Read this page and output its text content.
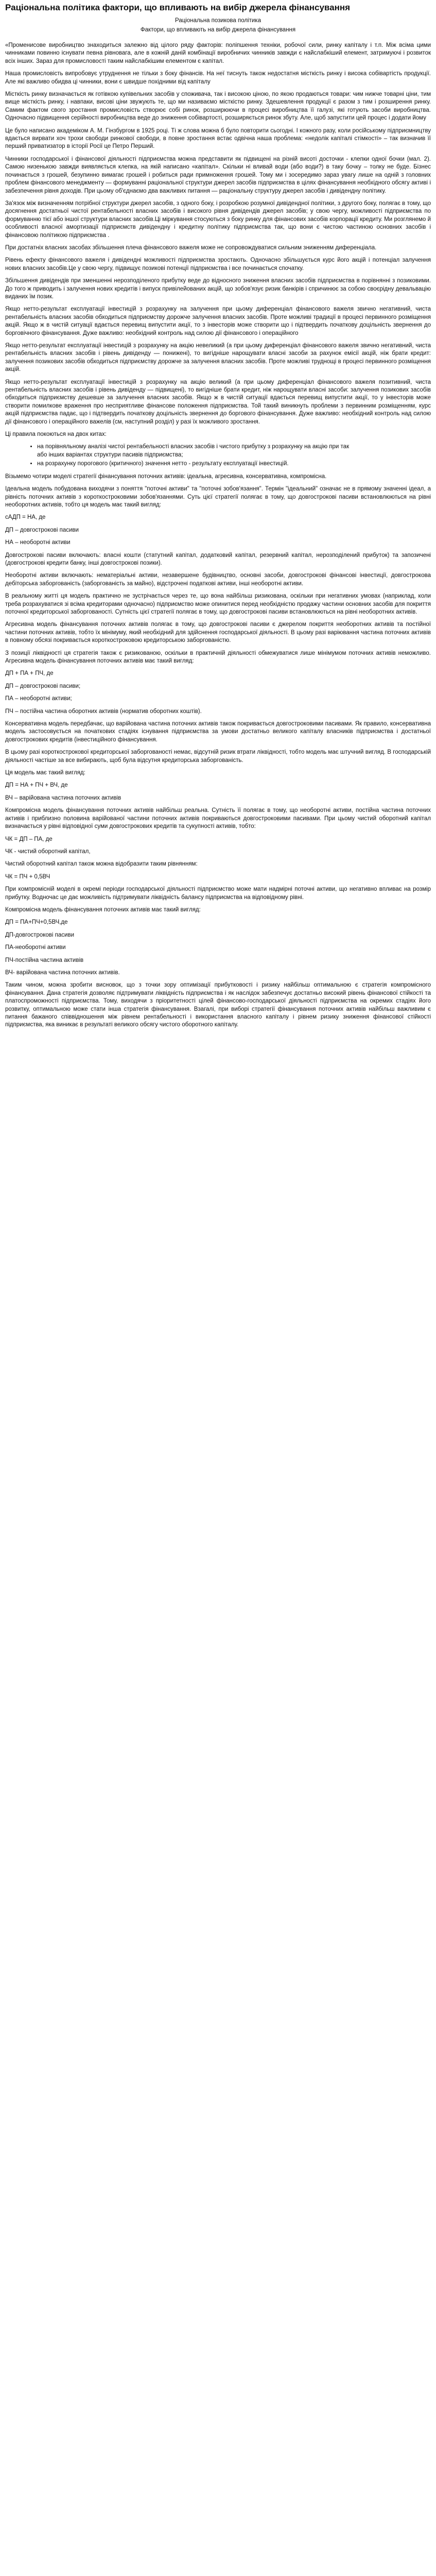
Раціональна політика фактори, що впливають на вибір джерела фінансування

Раціональна позикова політика

Фактори, що впливають на вибір джерела фінансування

«Променисове виробництво знаходиться залежно від цілого ряду факторів: поліпшення техніки, робочої сили, ринку капіталу і т.п. Між всіма цими чинниками повинно існувати певна рівновага, але в кожній даній комбінації виробничих чинників завжди є найслабкіший елемент, затримуючі і розвиток всіх інших. Зараз для промисловості таким найслабкішим елементом є капітал.

Наша промисловість випробовує утруднення не тільки з боку фінансів. На неї тиснуть також недостатня місткість ринку і висока собівартість продукції. Але які важливо обидва ці чинники, вони є швидше похідними від капіталу

Місткість ринку визначається як готівкою купівельних засобів у споживача, так і високою ціною, по якою продаються товари: чим нижче товарні ціни, тим вище місткість ринку, і навпаки, висові ціни звужують те, що ми називаємо місткістю ринку. Здешевлення продукції є разом з тим і розширення ринку. Самим фактом свого зростання промисловість створює собі ринок, розширюючи в процесі виробництва її галузі, які готують засоби виробництва. Одночасно підвищення серійності виробництва веде до зниження собівартості, розширяється ринок збуту. Але, щоб запустити цей процес і додати йому

Це було написано академіком А. М. Гінзбургом в 1925 році. Ті ж слова можна б було повторити сьогодні. І кожного разу, коли російському підприємництву вдається вирвати хоч трохи свободи ринкової свободи, в повне зростання встає одвічна наша проблема: «недолік капіталі стімкості» – так визначив її перший приватизатор в історії Росії це Петро Перший.

Чинники господарської і фінансової діяльності підприємства можна представити як підвищені на різній висоті досточки - клепки одної бочки (мал. 2). Самою низенькою завжди виявляється клепка, на якій написано «капітал». Скільки ні вливай води (або води?) в таку бочку – толку не буде. Бізнес починається з грошей, безупинно вимагає грошей і робиться ради примноження грошей. Тому ми і зосередимо зараз увагу лише на одній з головних проблем фінансового менеджменту — формуванні раціональної структури джерел засобів підприємства в цілях фінансування необхідного обсягу активі і забезпечення рівня доходів. При цьому об'єднаємо два важливих питання — раціональну структуру джерел засобів і дивідендну політику.

За'язок між визначенням потрібної структури джерел засобів, з одного боку, і розробкою розумної дивідендної політики, з другого боку, полягає в тому, що досягнення достатньої чистої рентабельності власних засобів і високого рівня дивідендів джерел засобів; у свою чергу, можливості підприємства по формуванню тієї або іншої структури власних засобів.Ці міркування стосуються з боку ринку для фінансових засобів корпорації кредиту. Ми розглянемо й особливості власної амортизації підприємств дивідендну і кредитну політику підприємства так, що вони є чистою частиною основних засобів і фінансовою політикою підприємства .

При достатніх власних засобах збільшення плеча фінансового важеля може не сопровождуватися сильним зниженням диференціала.

Рівень ефекту фінансового важеля і дивідендні можливості підприємства зростають. Одночасно збільшується курс його акцій і потенціал залучення нових власних засобів.Це у свою чергу, підвищує позикові потенції підприємства і все починається спочатку.

Збільшення дивідендів при зменшенні нерозподіленого прибутку веде до відносного зниження власних засобів підприємства в порівнянні з позиковими. До того ж приводить і залучення нових кредитів і випуск привілейованих акцій, що зобов'язує ризик банкірів і спричинює за собою своєрідну девальвацію виданих їм позик.

Якщо нетто-результат експлуатації інвестицій з розрахунку на залучення при цьому диференціал фінансового важеля звично негативний, чиста рентабельність власних засобів обходиться підприємству дорожче залучення власних засобів. Проте можливі традиції в процесі первинного розміщення акцій. Якщо ж в чистій ситуації вдається перевищ випустити акції, то з інвесторів може створити що і підтвердить початкову доцільність звернення до борговічного фінансування. Дуже важливо: необхідний контроль над силою дії фінансового і операційного

Якщо нетто-результат експлуатації інвестицій з розрахунку на акцію невеликий (а при цьому диференціал фінансового важеля звично негативний, чиста рентабельність власних засобів і рівень дивіденду — понижені), то вигідніше нарощувати власні засоби за рахунок емісії акцій, ніж брати кредит: залучення позикових засобів обходиться підприємству дорожче за залучення власних засобів. Проте можливі труднощі в процесі первинного розміщення акцій.

Якщо нетто-результат експлуатації інвестицій з розрахунку на акцію великий (а при цьому диференціал фінансового важеля позитивний, чиста рентабельність власних засобів і рівень дивіденду — підвищені), то вигідніше брати кредит, ніж нарощувати власні засоби: залучення позикових засобів обходиться підприємству дешевше за залучення власних засобів. Якщо ж в чистій ситуації вдається перевищ випустити акції, то у інвесторів може створити помилкове враження про несприятливе фінансове положення підприємства. Той такий виникнуть проблеми з первинним розміщенням, курс акцій підприємства падає, що і підтвердить початкову доцільність звернення до боргового фінансування. Дуже важливо: необхідний контроль над силою дії фінансового і операційного важелів (см, наступний розділ) у разі їх можливого зростання.

Ці правила покоються на двох китах:

• на порівняльному аналізі чистої рентабельності власних засобів і чистого прибутку з розрахунку на акцію при так
або інших варіантах структури пасивів підприємства;
• на розрахунку порогового (критичного) значення нетто - результату експлуатації інвестицій.

Візьмемо чотири моделі стратегії фінансування поточних активів: ідеальна, агресивна, консервативна, компромісна.

Ідеальна модель побудована виходячи з поняття "поточні активи" та "поточні зобов'язання". Термін "ідеальний" означає не в прямому значенні ідеал, а рівність поточних активів з короткостроковими зобов'язаннями. Суть цієї стратегії полягає в тому, що довгострокові пасиви встановлюються на рівні необоротних активів, тобто ця модель має такий вигляд:

сАДП = НА, де

ДП – довгострокові пасиви

НА – необоротні активи

Довгострокові пасиви включають: власні кошти (статутний капітал, додатковий капітал, резервний капітал, нерозподілений прибуток) та запозичені (довгострокові кредити банку, інші довгострокові позики).

Необоротні активи включають: нематеріальні активи, незавершене будівництво, основні засоби, довгострокові фінансові інвестиції, довгострокова дебіторська заборгованість (заборгованість за майно), відстрочені податкові активи, інші необоротні активи.

В реальному житті ця модель практично не зустрічається через те, що вона найбільш ризикована, оскільки при негативних умовах (наприклад, коли треба розрахуватися зі всіма кредиторами одночасно) підприємство може опинитися перед необхідністю продажу частини основних засобів для покриття поточної кредиторської заборгованості. Сутність цієї стратегії полягає в тому, що довгострокові пасиви встановлюються на рівні необоротних активів.

Агресивна модель фінансування поточних активів полягає в тому, що довгострокові пасиви є джерелом покриття необоротних активів та постійної частини поточних активів, тобто їх мінімуму, який необхідний для здійснення господарської діяльності. В цьому разі варіювання частина поточних активів в повному обсязі покривається короткостроковою кредиторською заборгованістю.

З позиції ліквідності ця стратегія також є ризикованою, оскільки в практичній діяльності обмежуватися лише мінімумом поточних активів неможливо. Агресивна модель фінансування поточних активів має такий вигляд:

ДП + ПА + ПЧ, де

ДП – довгострокові пасиви;

ПА – необоротні активи;

ПЧ – постійна частина оборотних активів (норматив оборотних коштів).

Консервативна модель передбачає, що варійована частина поточних активів також покривається довгостроковими пасивами. Як правило, консервативна модель застосовується на початкових стадіях існування підприємства за умови достатньо великого капіталу власників підприємства і достатньої довгострокових кредитів (інвестиційного фінансування.

В цьому разі короткострокової кредиторської заборгованості немає, відсутній ризик втрати ліквідності, тобто модель має штучний вигляд. В господарській діяльності частіше за все вибирають, щоб була відсутня кредиторська заборгованість.

Ця модель має такий вигляд:

ДП = НА + ПЧ + ВЧ, де

ВЧ – варійована частина поточних активів

Компромісна модель фінансування поточних активів найбільш реальна. Сутність її полягає в тому, що необоротні активи, постійна частина поточних активів і приблизно половина варійованої частини поточних активів покриваються довгостроковими пасивами. При цьому чистий оборотний капітал визначається у рівні відповідної суми довгострокових кредитів та сукупності активів, тобто:

ЧК = ДП – ПА, де

ЧК - чистий оборотний капітал,

Чистий оборотний капітал також можна відобразити таким рівнянням:

ЧК = ПЧ + 0,5ВЧ

При компромісній моделі в окремі періоди господарської діяльності підприємство може мати надмірні поточні активи, що негативно впливає на розмір прибутку. Водночас це дає можливість підтримувати ліквідність балансу підприємства на відповідному рівні.

Компромісна модель фінансування поточних активів має такий вигляд:

ДП = ПА+ПЧ+0,5ВЧ,де

ДП-довгострокові пасиви

ПА-необоротні активи

ПЧ-постійна частина активів

ВЧ- варійована частина поточних активів.

Таким чином, можна зробити висновок, що з точки зору оптимізації прибутковості і ризику найбільш оптимальною є стратегія компромісного фінансування. Дана стратегія дозволяє підтримувати ліквідність підприємства і як наслідок забезпечує достатньо високий рівень фінансової стійкості та платоспроможності підприємства. Тому, виходячи з пріоритетності цілей фінансово-господарської діяльності підприємства на окремих стадіях його розвитку, оптимальною може стати інша стратегія фінансування. Взагалі, при виборі стратегії фінансування поточних активів найбільш важливим є питання бажаного співвідношення між рівнем рентабельності і використання власного капіталу і рівнем ризику зниження фінансової стійкості підприємства, яка виникає в результаті великого обсягу чистого оборотного капіталу.
